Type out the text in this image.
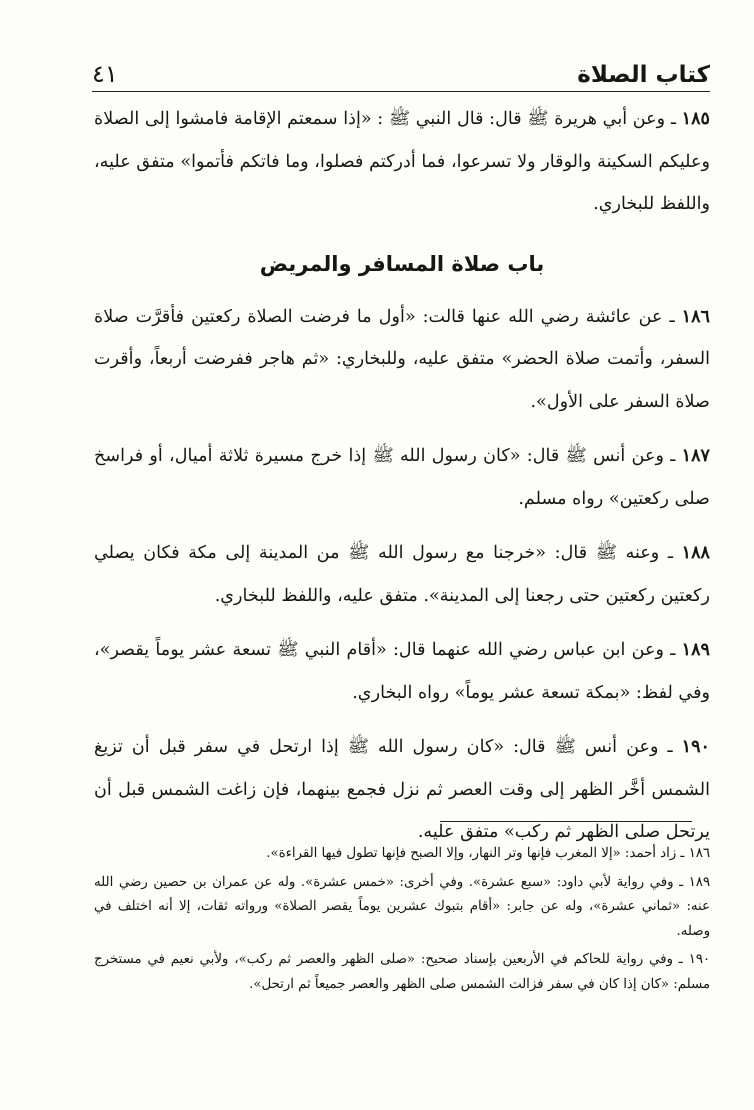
كتاب الصلاة
٤١

١٨٥ ـ وعن أبي هريرة ﷺ قال: قال النبي ﷺ : «إذا سمعتم الإقامة فامشوا إلى الصلاة وعليكم السكينة والوقار ولا تسرعوا، فما أدركتم فصلوا، وما فاتكم فأتموا» متفق عليه، واللفظ للبخاري.

باب صلاة المسافر والمريض

١٨٦ ـ عن عائشة رضي الله عنها قالت: «أول ما فرضت الصلاة ركعتين فأقرَّت صلاة السفر، وأتمت صلاة الحضر» متفق عليه، وللبخاري: «ثم هاجر ففرضت أربعاً، وأقرت صلاة السفر على الأول».

١٨٧ ـ وعن أنس ﷺ قال: «كان رسول الله ﷺ إذا خرج مسيرة ثلاثة أميال، أو فراسخ صلى ركعتين» رواه مسلم.

١٨٨ ـ وعنه ﷺ قال: «خرجنا مع رسول الله ﷺ من المدينة إلى مكة فكان يصلي ركعتين ركعتين حتى رجعنا إلى المدينة». متفق عليه، واللفظ للبخاري.

١٨٩ ـ وعن ابن عباس رضي الله عنهما قال: «أقام النبي ﷺ تسعة عشر يوماً يقصر»، وفي لفظ: «بمكة تسعة عشر يوماً» رواه البخاري.

١٩٠ ـ وعن أنس ﷺ قال: «كان رسول الله ﷺ إذا ارتحل في سفر قبل أن تزيغ الشمس أخَّر الظهر إلى وقت العصر ثم نزل فجمع بينهما، فإن زاغت الشمس قبل أن يرتحل صلى الظهر ثم ركب» متفق عليه.

١٨٦ ـ زاد أحمد: «إلا المغرب فإنها وتر النهار، وإلا الصبح فإنها تطول فيها القراءة».

١٨٩ ـ وفي رواية لأبي داود: «سبع عشرة». وفي أخرى: «خمس عشرة». وله عن عمران بن حصين رضي الله عنه: «ثماني عشرة»، وله عن جابر: «أقام بتبوك عشرين يوماً يقصر الصلاة» ورواته ثقات، إلا أنه اختلف في وصله.

١٩٠ ـ وفي رواية للحاكم في الأربعين بإسناد صحيح: «صلى الظهر والعصر ثم ركب»، ولأبي نعيم في مستخرج مسلم: «كان إذا كان في سفر فزالت الشمس صلى الظهر والعصر جميعاً ثم ارتحل».
